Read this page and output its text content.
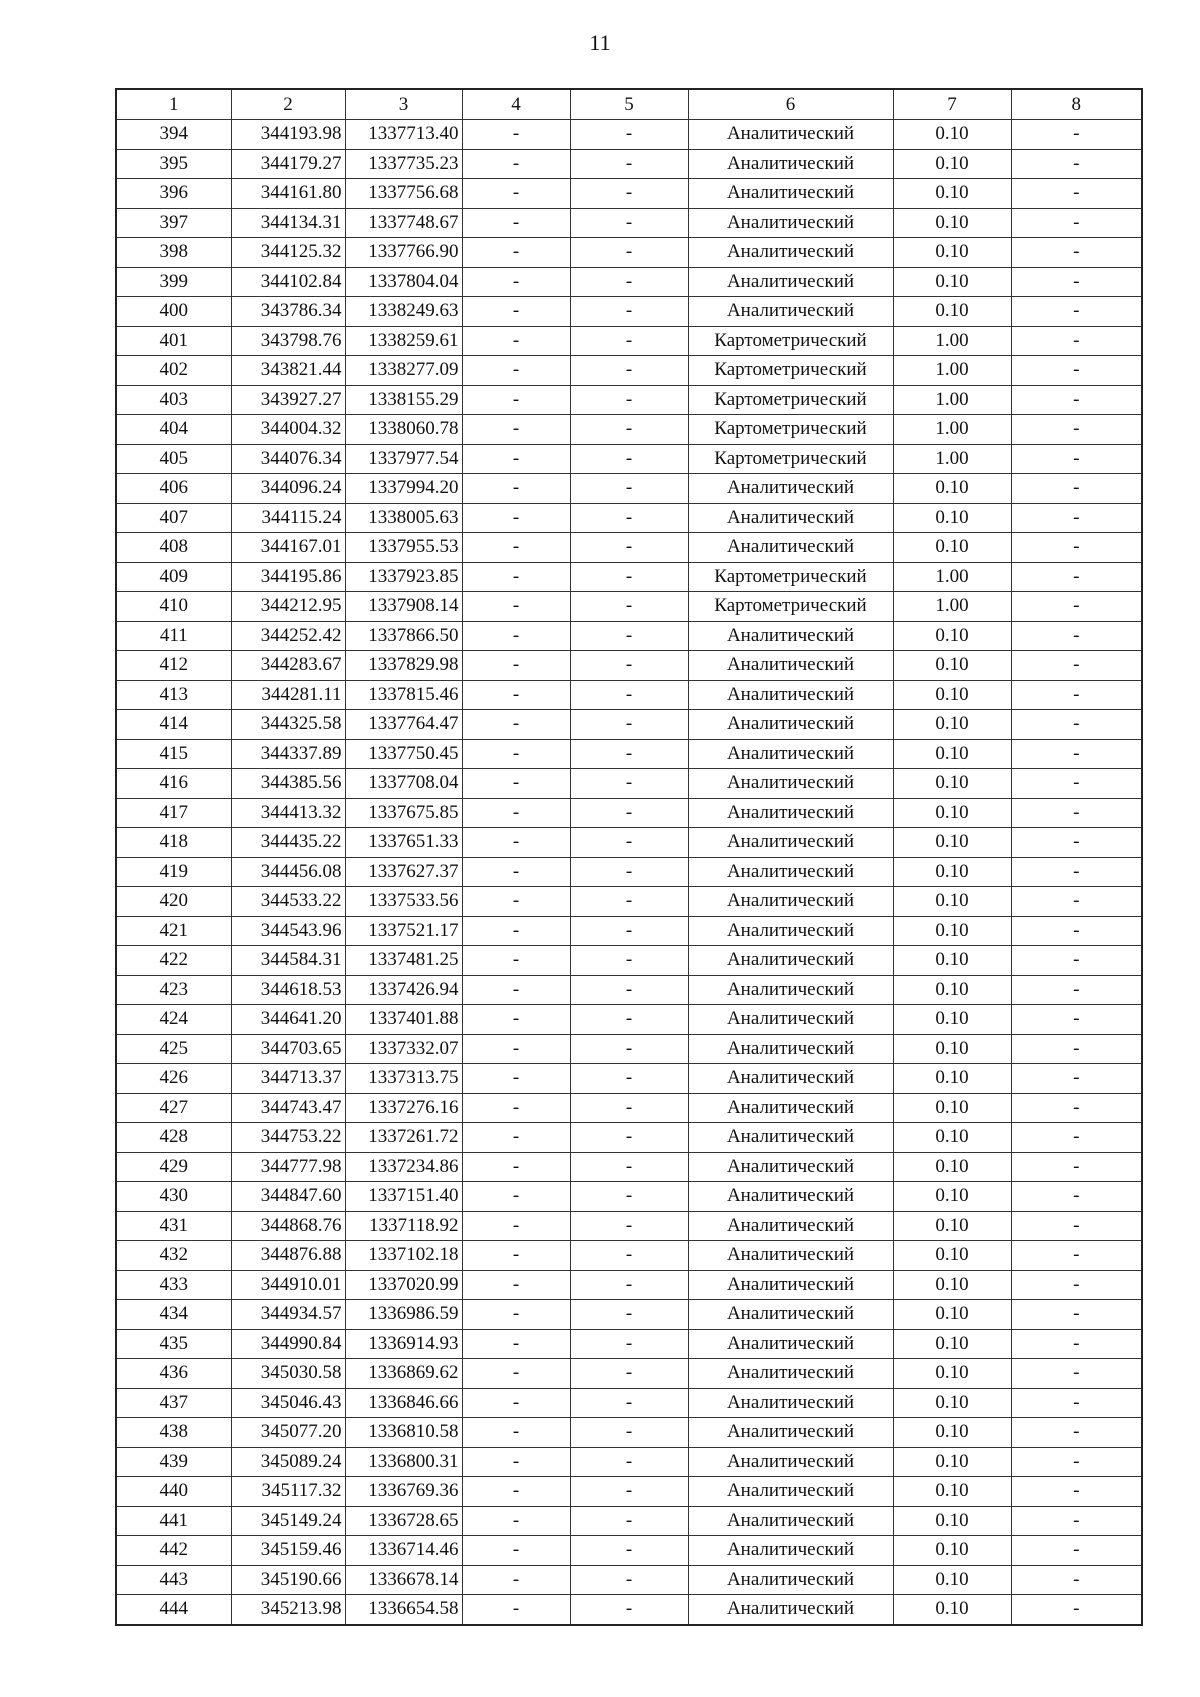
11
1	2	3	4	5	6	7	8
394	344193.98	1337713.40	-	-	Аналитический	0.10	-
395	344179.27	1337735.23	-	-	Аналитический	0.10	-
396	344161.80	1337756.68	-	-	Аналитический	0.10	-
397	344134.31	1337748.67	-	-	Аналитический	0.10	-
398	344125.32	1337766.90	-	-	Аналитический	0.10	-
399	344102.84	1337804.04	-	-	Аналитический	0.10	-
400	343786.34	1338249.63	-	-	Аналитический	0.10	-
401	343798.76	1338259.61	-	-	Картометрический	1.00	-
402	343821.44	1338277.09	-	-	Картометрический	1.00	-
403	343927.27	1338155.29	-	-	Картометрический	1.00	-
404	344004.32	1338060.78	-	-	Картометрический	1.00	-
405	344076.34	1337977.54	-	-	Картометрический	1.00	-
406	344096.24	1337994.20	-	-	Аналитический	0.10	-
407	344115.24	1338005.63	-	-	Аналитический	0.10	-
408	344167.01	1337955.53	-	-	Аналитический	0.10	-
409	344195.86	1337923.85	-	-	Картометрический	1.00	-
410	344212.95	1337908.14	-	-	Картометрический	1.00	-
411	344252.42	1337866.50	-	-	Аналитический	0.10	-
412	344283.67	1337829.98	-	-	Аналитический	0.10	-
413	344281.11	1337815.46	-	-	Аналитический	0.10	-
414	344325.58	1337764.47	-	-	Аналитический	0.10	-
415	344337.89	1337750.45	-	-	Аналитический	0.10	-
416	344385.56	1337708.04	-	-	Аналитический	0.10	-
417	344413.32	1337675.85	-	-	Аналитический	0.10	-
418	344435.22	1337651.33	-	-	Аналитический	0.10	-
419	344456.08	1337627.37	-	-	Аналитический	0.10	-
420	344533.22	1337533.56	-	-	Аналитический	0.10	-
421	344543.96	1337521.17	-	-	Аналитический	0.10	-
422	344584.31	1337481.25	-	-	Аналитический	0.10	-
423	344618.53	1337426.94	-	-	Аналитический	0.10	-
424	344641.20	1337401.88	-	-	Аналитический	0.10	-
425	344703.65	1337332.07	-	-	Аналитический	0.10	-
426	344713.37	1337313.75	-	-	Аналитический	0.10	-
427	344743.47	1337276.16	-	-	Аналитический	0.10	-
428	344753.22	1337261.72	-	-	Аналитический	0.10	-
429	344777.98	1337234.86	-	-	Аналитический	0.10	-
430	344847.60	1337151.40	-	-	Аналитический	0.10	-
431	344868.76	1337118.92	-	-	Аналитический	0.10	-
432	344876.88	1337102.18	-	-	Аналитический	0.10	-
433	344910.01	1337020.99	-	-	Аналитический	0.10	-
434	344934.57	1336986.59	-	-	Аналитический	0.10	-
435	344990.84	1336914.93	-	-	Аналитический	0.10	-
436	345030.58	1336869.62	-	-	Аналитический	0.10	-
437	345046.43	1336846.66	-	-	Аналитический	0.10	-
438	345077.20	1336810.58	-	-	Аналитический	0.10	-
439	345089.24	1336800.31	-	-	Аналитический	0.10	-
440	345117.32	1336769.36	-	-	Аналитический	0.10	-
441	345149.24	1336728.65	-	-	Аналитический	0.10	-
442	345159.46	1336714.46	-	-	Аналитический	0.10	-
443	345190.66	1336678.14	-	-	Аналитический	0.10	-
444	345213.98	1336654.58	-	-	Аналитический	0.10	-
